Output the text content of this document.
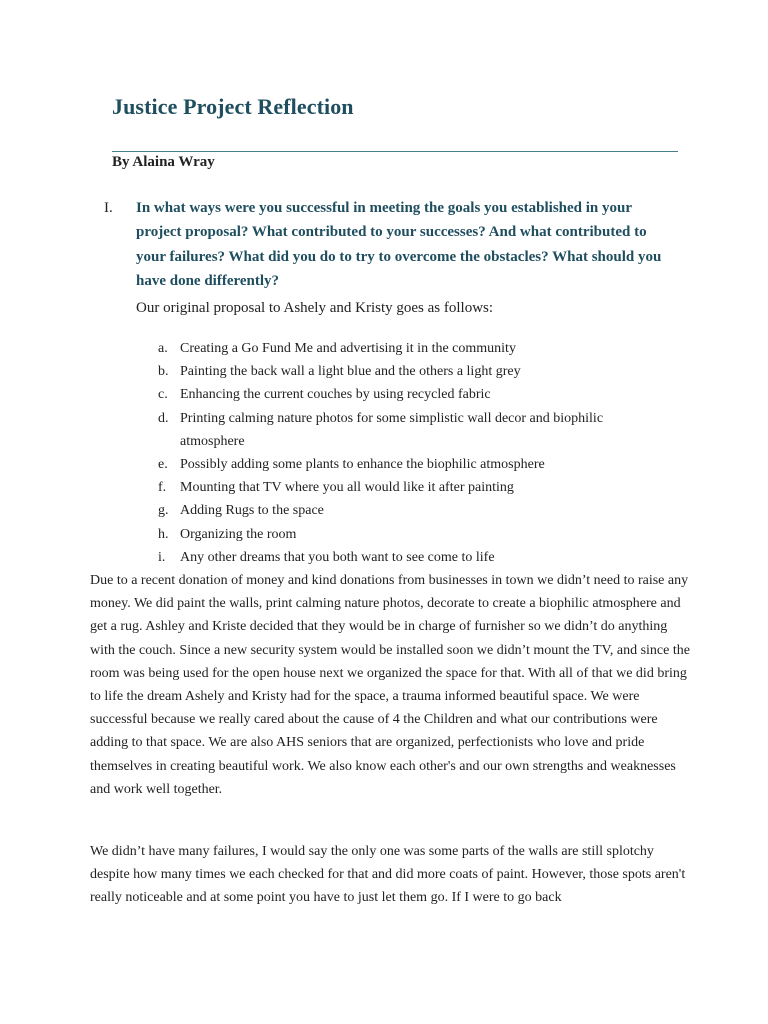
Justice Project Reflection
By Alaina Wray
I. In what ways were you successful in meeting the goals you established in your project proposal? What contributed to your successes? And what contributed to your failures? What did you do to try to overcome the obstacles? What should you have done differently?
Our original proposal to Ashely and Kristy goes as follows:
a. Creating a Go Fund Me and advertising it in the community
b. Painting the back wall a light blue and the others a light grey
c. Enhancing the current couches by using recycled fabric
d. Printing calming nature photos for some simplistic wall decor and biophilic atmosphere
e. Possibly adding some plants to enhance the biophilic atmosphere
f. Mounting that TV where you all would like it after painting
g. Adding Rugs to the space
h. Organizing the room
i. Any other dreams that you both want to see come to life

Due to a recent donation of money and kind donations from businesses in town we didn’t need to raise any money. We did paint the walls, print calming nature photos, decorate to create a biophilic atmosphere and get a rug. Ashley and Kriste decided that they would be in charge of furnisher so we didn’t do anything with the couch. Since a new security system would be installed soon we didn’t mount the TV, and since the room was being used for the open house next we organized the space for that. With all of that we did bring to life the dream Ashely and Kristy had for the space, a trauma informed beautiful space. We were successful because we really cared about the cause of 4 the Children and what our contributions were adding to that space. We are also AHS seniors that are organized, perfectionists who love and pride themselves in creating beautiful work. We also know each other's and our own strengths and weaknesses and work well together.

We didn’t have many failures, I would say the only one was some parts of the walls are still splotchy despite how many times we each checked for that and did more coats of paint. However, those spots aren't really noticeable and at some point you have to just let them go. If I were to go back
